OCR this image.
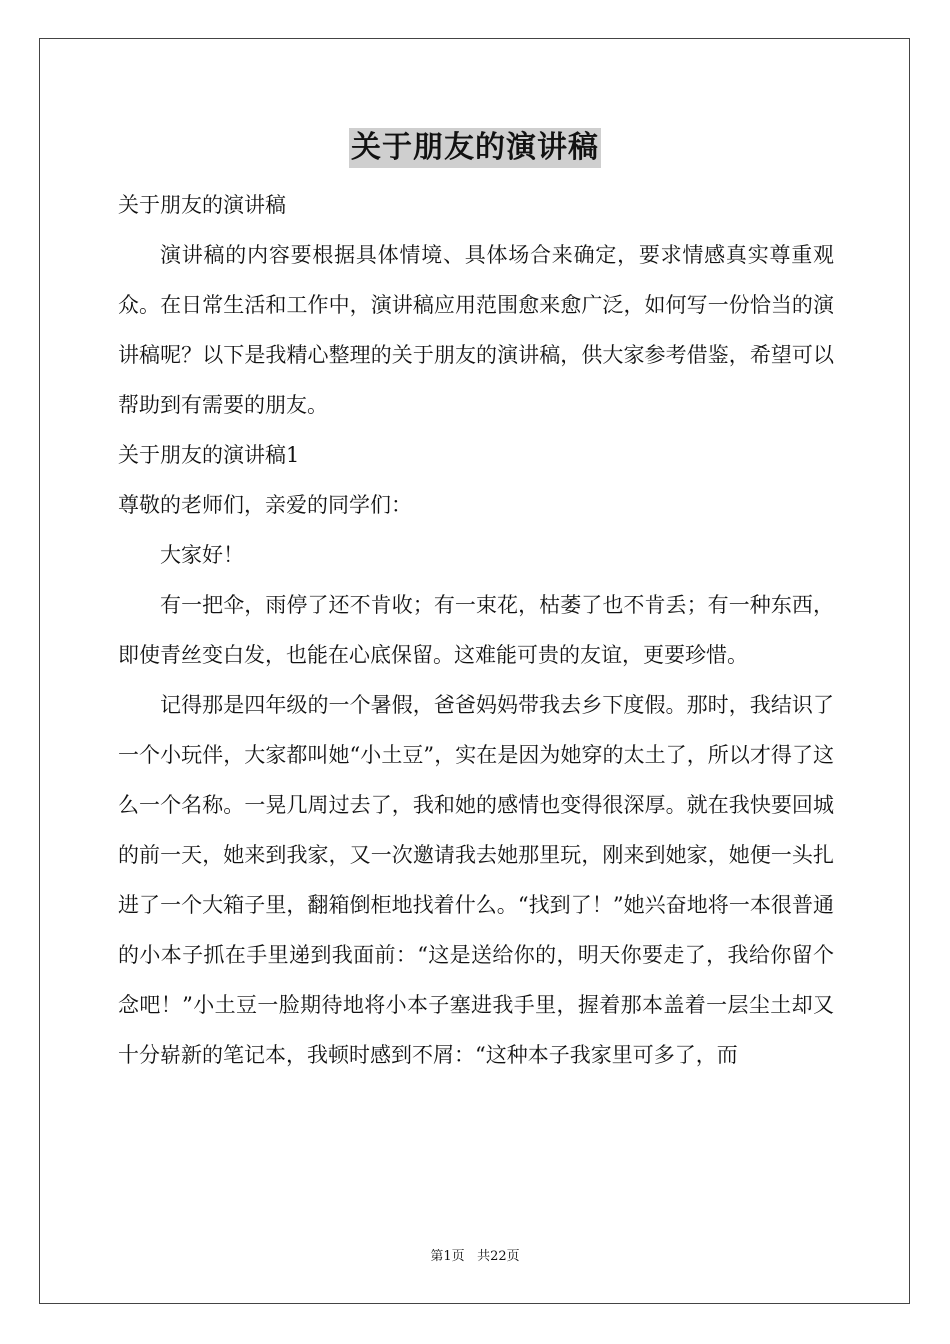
关于朋友的演讲稿

关于朋友的演讲稿

演讲稿的内容要根据具体情境、具体场合来确定，要求情感真实尊重观众。在日常生活和工作中，演讲稿应用范围愈来愈广泛，如何写一份恰当的演讲稿呢？以下是我精心整理的关于朋友的演讲稿，供大家参考借鉴，希望可以帮助到有需要的朋友。

关于朋友的演讲稿1

尊敬的老师们，亲爱的同学们：

大家好！

有一把伞，雨停了还不肯收；有一束花，枯萎了也不肯丢；有一种东西，即使青丝变白发，也能在心底保留。这难能可贵的友谊，更要珍惜。

记得那是四年级的一个暑假，爸爸妈妈带我去乡下度假。那时，我结识了一个小玩伴，大家都叫她“小土豆”，实在是因为她穿的太土了，所以才得了这么一个名称。一晃几周过去了，我和她的感情也变得很深厚。就在我快要回城的前一天，她来到我家，又一次邀请我去她那里玩，刚来到她家，她便一头扎进了一个大箱子里，翻箱倒柜地找着什么。“找到了！”她兴奋地将一本很普通的小本子抓在手里递到我面前：“这是送给你的，明天你要走了，我给你留个念吧！”小土豆一脸期待地将小本子塞进我手里，握着那本盖着一层尘土却又十分崭新的笔记本，我顿时感到不屑：“这种本子我家里可多了，而

第1页 共22页
